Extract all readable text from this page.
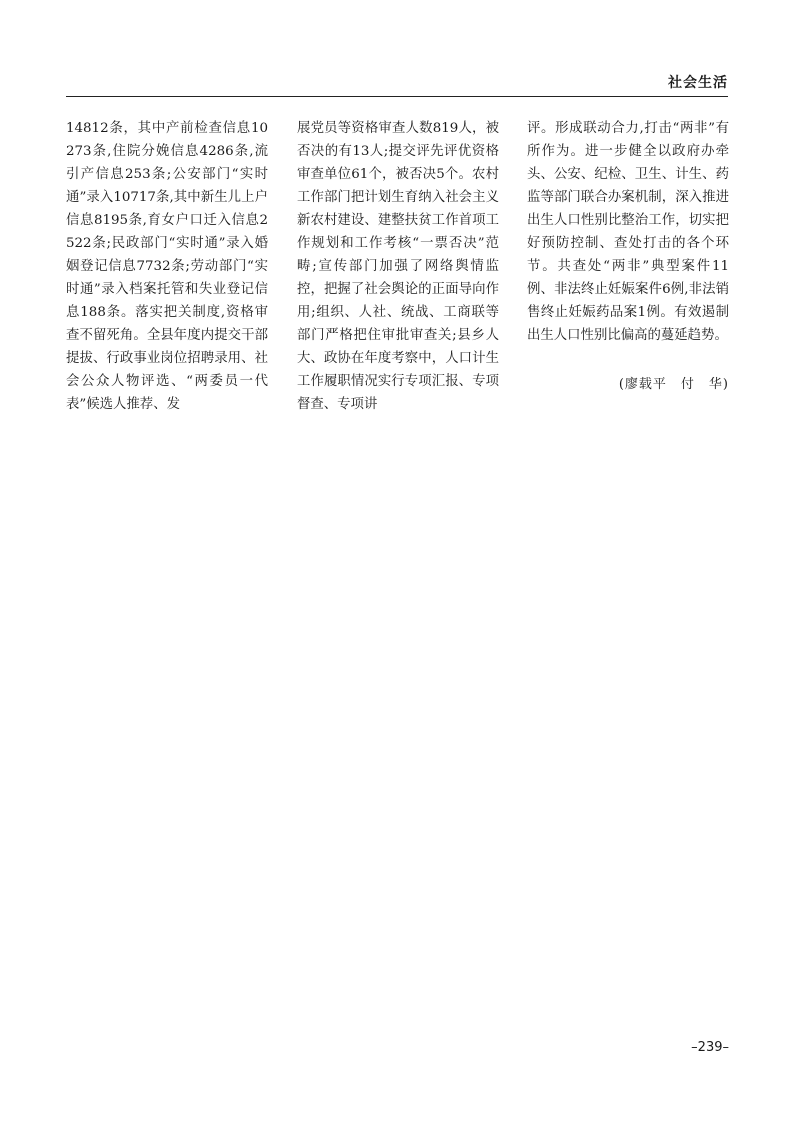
社会生活
14812条，其中产前检查信息10273条,住院分娩信息4286条,流引产信息253条;公安部门“实时通”录入10717条,其中新生儿上户信息8195条,育女户口迁入信息2522条;民政部门“实时通”录入婚姻登记信息7732条;劳动部门“实时通”录入档案托管和失业登记信息188条。落实把关制度,资格审查不留死角。全县年度内提交干部提拔、行政事业岗位招聘录用、社会公众人物评选、“两委员一代表”候选人推荐、发
展党员等资格审查人数819人，被否决的有13人;提交评先评优资格审查单位61个，被否决5个。农村工作部门把计划生育纳入社会主义新农村建设、建整扶贫工作首项工作规划和工作考核“一票否决”范畴;宣传部门加强了网络舆情监控，把握了社会舆论的正面导向作用;组织、人社、统战、工商联等部门严格把住审批审查关;县乡人大、政协在年度考察中，人口计生工作履职情况实行专项汇报、专项督查、专项讲
评。形成联动合力,打击“两非”有所作为。进一步健全以政府办牵头、公安、纪检、卫生、计生、药监等部门联合办案机制，深入推进出生人口性别比整治工作，切实把好预防控制、查处打击的各个环节。共查处“两非”典型案件11例、非法终止妊娠案件6例,非法销售终止妊娠药品案1例。有效遏制出生人口性别比偏高的蔓延趋势。
(廖载平　付　华)
–239–
